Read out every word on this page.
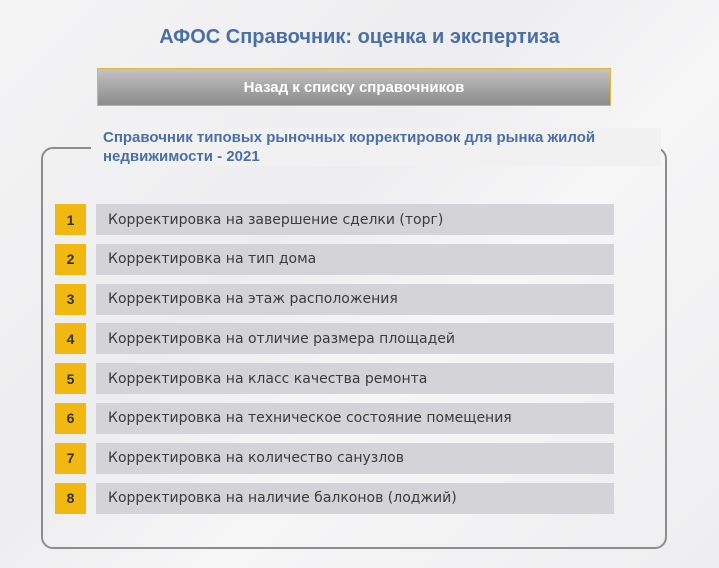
АФОС Справочник: оценка и экспертиза
Назад к списку справочников
Справочник типовых рыночных корректировок для рынка жилой недвижимости - 2021
1	Корректировка на завершение сделки (торг)
2	Корректировка на тип дома
3	Корректировка на этаж расположения
4	Корректировка на отличие размера площадей
5	Корректировка на класс качества ремонта
6	Корректировка на техническое состояние помещения
7	Корректировка на количество санузлов
8	Корректировка на наличие балконов (лоджий)
